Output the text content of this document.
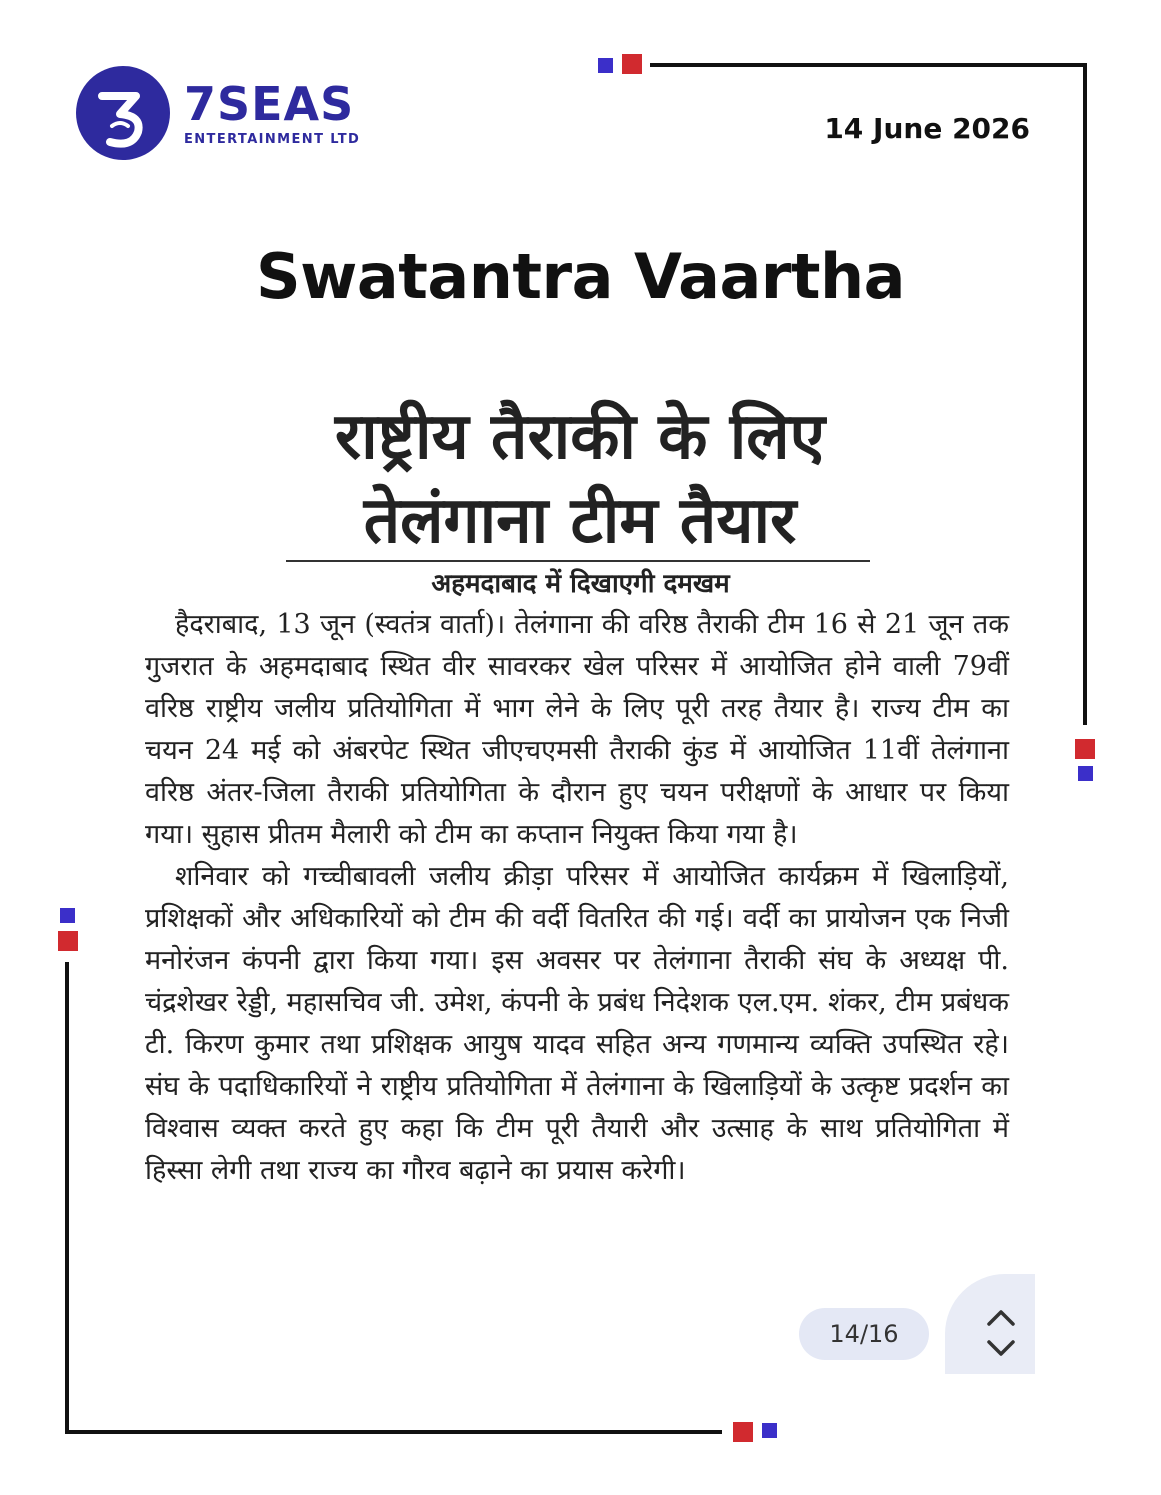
7SEAS
ENTERTAINMENT LTD	14 June 2026
Swatantra Vaartha
राष्ट्रीय तैराकी के लिए
तेलंगाना टीम तैयार
अहमदाबाद में दिखाएगी दमखम

हैदराबाद, 13 जून (स्वतंत्र वार्ता)। तेलंगाना की वरिष्ठ तैराकी टीम 16 से 21 जून तक गुजरात के अहमदाबाद स्थित वीर सावरकर खेल परिसर में आयोजित होने वाली 79वीं वरिष्ठ राष्ट्रीय जलीय प्रतियोगिता में भाग लेने के लिए पूरी तरह तैयार है। राज्य टीम का चयन 24 मई को अंबरपेट स्थित जीएचएमसी तैराकी कुंड में आयोजित 11वीं तेलंगाना वरिष्ठ अंतर-जिला तैराकी प्रतियोगिता के दौरान हुए चयन परीक्षणों के आधार पर किया गया। सुहास प्रीतम मैलारी को टीम का कप्तान नियुक्त किया गया है।

शनिवार को गच्चीबावली जलीय क्रीड़ा परिसर में आयोजित कार्यक्रम में खिलाड़ियों, प्रशिक्षकों और अधिकारियों को टीम की वर्दी वितरित की गई। वर्दी का प्रायोजन एक निजी मनोरंजन कंपनी द्वारा किया गया। इस अवसर पर तेलंगाना तैराकी संघ के अध्यक्ष पी. चंद्रशेखर रेड्डी, महासचिव जी. उमेश, कंपनी के प्रबंध निदेशक एल.एम. शंकर, टीम प्रबंधक टी. किरण कुमार तथा प्रशिक्षक आयुष यादव सहित अन्य गणमान्य व्यक्ति उपस्थित रहे। संघ के पदाधिकारियों ने राष्ट्रीय प्रतियोगिता में तेलंगाना के खिलाड़ियों के उत्कृष्ट प्रदर्शन का विश्वास व्यक्त करते हुए कहा कि टीम पूरी तैयारी और उत्साह के साथ प्रतियोगिता में हिस्सा लेगी तथा राज्य का गौरव बढ़ाने का प्रयास करेगी।

14/16
